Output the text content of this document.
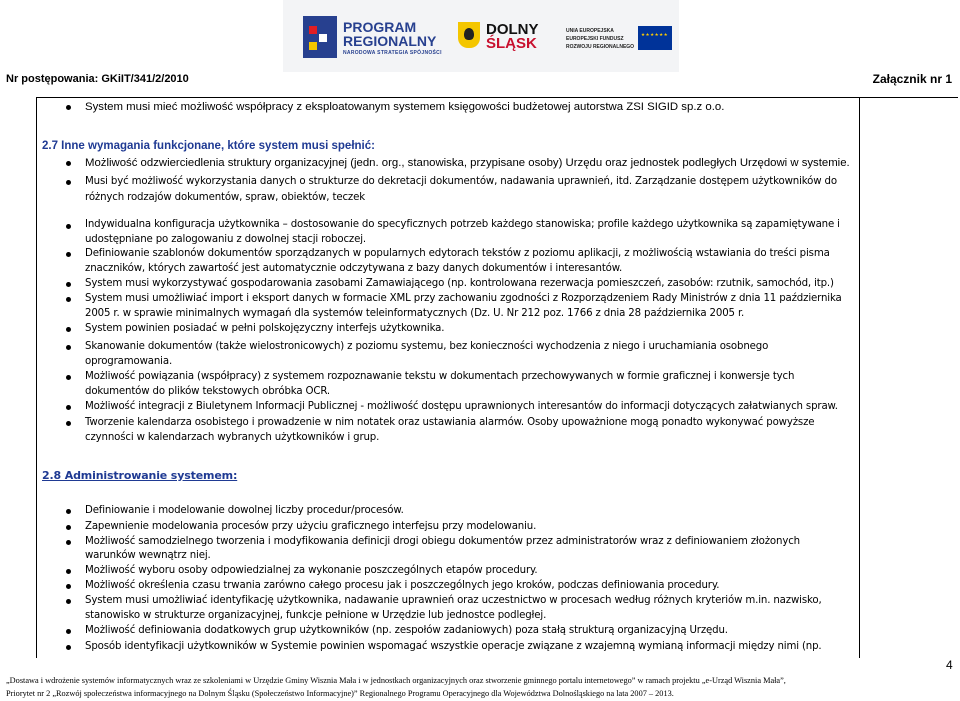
PROGRAM
REGIONALNY
NARODOWA STRATEGIA SPÓJNOŚCI
DOLNY
ŚLĄSK
UNIA EUROPEJSKA
EUROPEJSKI FUNDUSZ
ROZWOJU REGIONALNEGO
★★★★★★
Nr postępowania: GKiIT/341/2/2010	Załącznik nr 1
System musi mieć możliwość współpracy z eksploatowanym systemem księgowości budżetowej autorstwa ZSI SIGID sp.z o.o.
2.7 Inne wymagania funkcjonane, które system musi spełnić:
Możliwość odzwierciedlenia struktury organizacyjnej (jedn. org., stanowiska, przypisane osoby) Urzędu oraz jednostek podległych Urzędowi w systemie.
Musi być możliwość wykorzystania danych o strukturze do dekretacji dokumentów, nadawania uprawnień, itd. Zarządzanie dostępem użytkowników do
różnych rodzajów dokumentów, spraw, obiektów, teczek
Indywidualna konfiguracja użytkownika – dostosowanie do specyficznych potrzeb każdego stanowiska; profile każdego użytkownika są zapamiętywane i
udostępniane po zalogowaniu z dowolnej stacji roboczej.
Definiowanie szablonów dokumentów sporządzanych w popularnych edytorach tekstów z poziomu aplikacji, z możliwością wstawiania do treści pisma
znaczników, których zawartość jest automatycznie odczytywana z bazy danych dokumentów i interesantów.
System musi wykorzystywać gospodarowania zasobami Zamawiającego (np. kontrolowana rezerwacja pomieszczeń, zasobów: rzutnik, samochód, itp.)
System musi umożliwiać import i eksport danych w formacie XML przy zachowaniu zgodności z Rozporządzeniem Rady Ministrów z dnia 11 października
2005 r. w sprawie minimalnych wymagań dla systemów teleinformatycznych (Dz. U. Nr 212 poz. 1766 z dnia 28 października 2005 r.
System powinien posiadać w pełni polskojęzyczny interfejs użytkownika.
Skanowanie dokumentów (także wielostronicowych) z poziomu systemu, bez konieczności wychodzenia z niego i uruchamiania osobnego
oprogramowania.
Możliwość powiązania (współpracy) z systemem rozpoznawanie tekstu w dokumentach przechowywanych w formie graficznej i konwersje tych
dokumentów do plików tekstowych obróbka OCR.
Możliwość integracji z Biuletynem Informacji Publicznej - możliwość dostępu uprawnionych interesantów do informacji dotyczących załatwianych spraw.
Tworzenie kalendarza osobistego i prowadzenie w nim notatek oraz ustawiania alarmów. Osoby upoważnione mogą ponadto wykonywać powyższe
czynności w kalendarzach wybranych użytkowników i grup.
2.8 Administrowanie systemem:
Definiowanie i modelowanie dowolnej liczby procedur/procesów.
Zapewnienie modelowania procesów przy użyciu graficznego interfejsu przy modelowaniu.
Możliwość samodzielnego tworzenia i modyfikowania definicji drogi obiegu dokumentów przez administratorów wraz z definiowaniem złożonych
warunków wewnątrz niej.
Możliwość wyboru osoby odpowiedzialnej za wykonanie poszczególnych etapów procedury.
Możliwość określenia czasu trwania zarówno całego procesu jak i poszczególnych jego kroków, podczas definiowania procedury.
System musi umożliwiać identyfikację użytkownika, nadawanie uprawnień oraz uczestnictwo w procesach według różnych kryteriów m.in. nazwisko,
stanowisko w strukturze organizacyjnej, funkcje pełnione w Urzędzie lub jednostce podległej.
Możliwość definiowania dodatkowych grup użytkowników (np. zespołów zadaniowych) poza stałą strukturą organizacyjną Urzędu.
Sposób identyfikacji użytkowników w Systemie powinien wspomagać wszystkie operacje związane z wzajemną wymianą informacji między nimi (np.
4
„Dostawa i wdrożenie systemów informatycznych wraz ze szkoleniami w Urzędzie Gminy Wisznia Mała i w jednostkach organizacyjnych oraz stworzenie gminnego portalu internetowego” w ramach projektu „e-Urząd Wisznia Mała”,
Priorytet nr 2 „Rozwój społeczeństwa informacyjnego na Dolnym Śląsku (Społeczeństwo Informacyjne)” Regionalnego Programu Operacyjnego dla Województwa Dolnośląskiego na lata 2007 – 2013.
